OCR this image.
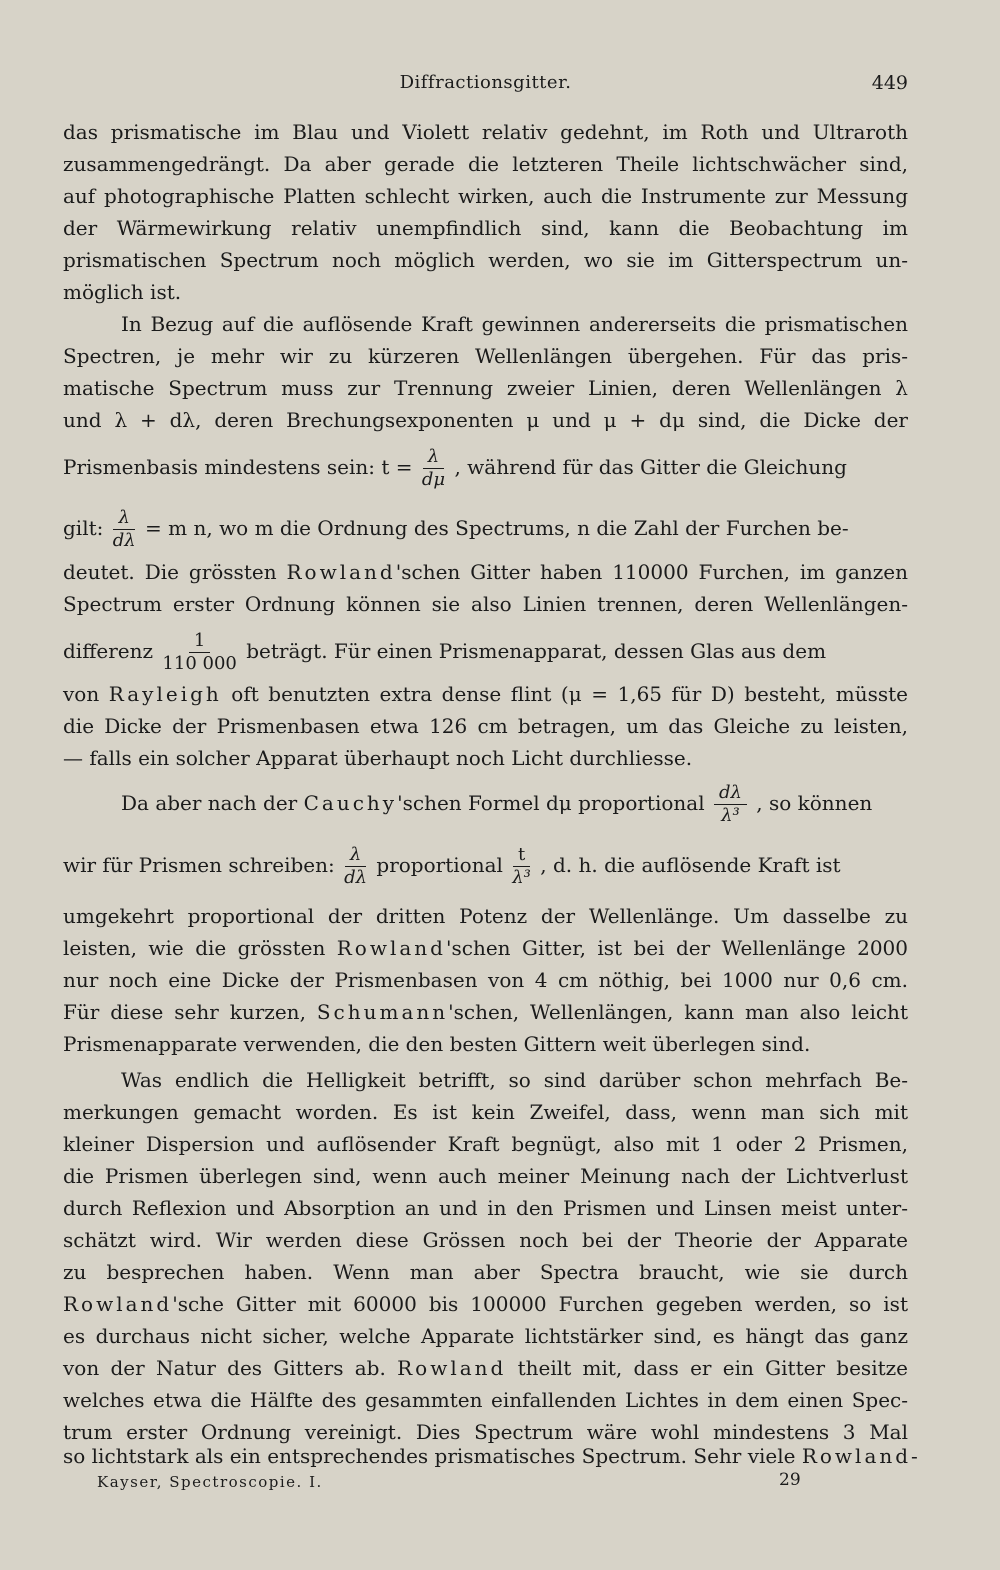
Diffractionsgitter.	449
das prismatische im Blau und Violett relativ gedehnt, im Roth und Ultraroth
zusammengedrängt. Da aber gerade die letzteren Theile lichtschwächer sind,
auf photographische Platten schlecht wirken, auch die Instrumente zur Messung
der Wärmewirkung relativ unempfindlich sind, kann die Beobachtung im
prismatischen Spectrum noch möglich werden, wo sie im Gitterspectrum un-
möglich ist.
In Bezug auf die auflösende Kraft gewinnen andererseits die prismatischen
Spectren, je mehr wir zu kürzeren Wellenlängen übergehen. Für das pris-
matische Spectrum muss zur Trennung zweier Linien, deren Wellenlängen λ
und λ + dλ, deren Brechungsexponenten μ und μ + dμ sind, die Dicke der
Prismenbasis mindestens sein: $t = \frac{\lambda}{d\mu}$ , während für das Gitter die Gleichung
gilt: $\frac{\lambda}{d\lambda} = m$ n, wo m die Ordnung des Spectrums, n die Zahl der Furchen be-
deutet. Die grössten Rowland'schen Gitter haben 110000 Furchen, im ganzen
Spectrum erster Ordnung können sie also Linien trennen, deren Wellenlängen-
differenz $\frac{1}{110 000}$ beträgt. Für einen Prismenapparat, dessen Glas aus dem
von Rayleigh oft benutzten extra dense flint (μ = 1,65 für D) besteht, müsste
die Dicke der Prismenbasen etwa 126 cm betragen, um das Gleiche zu leisten,
— falls ein solcher Apparat überhaupt noch Licht durchliesse.
Da aber nach der Cauchy'schen Formel dμ proportional $\frac{d\lambda}{\text{λ³}}$ , so können
wir für Prismen schreiben: $\frac{\lambda}{d\lambda}$ proportional $\frac{t}{\text{λ³}}$ , d. h. die auflösende Kraft ist
umgekehrt proportional der dritten Potenz der Wellenlänge. Um dasselbe zu
leisten, wie die grössten Rowland'schen Gitter, ist bei der Wellenlänge 2000
nur noch eine Dicke der Prismenbasen von 4 cm nöthig, bei 1000 nur 0,6 cm.
Für diese sehr kurzen, Schumann'schen, Wellenlängen, kann man also leicht
Prismenapparate verwenden, die den besten Gittern weit überlegen sind.
Was endlich die Helligkeit betrifft, so sind darüber schon mehrfach Be-
merkungen gemacht worden. Es ist kein Zweifel, dass, wenn man sich mit
kleiner Dispersion und auflösender Kraft begnügt, also mit 1 oder 2 Prismen,
die Prismen überlegen sind, wenn auch meiner Meinung nach der Lichtverlust
durch Reflexion und Absorption an und in den Prismen und Linsen meist unter-
schätzt wird. Wir werden diese Grössen noch bei der Theorie der Apparate
zu besprechen haben. Wenn man aber Spectra braucht, wie sie durch
Rowland'sche Gitter mit 60000 bis 100000 Furchen gegeben werden, so ist
es durchaus nicht sicher, welche Apparate lichtstärker sind, es hängt das ganz
von der Natur des Gitters ab. Rowland theilt mit, dass er ein Gitter besitze
welches etwa die Hälfte des gesammten einfallenden Lichtes in dem einen Spec-
trum erster Ordnung vereinigt. Dies Spectrum wäre wohl mindestens 3 Mal
so lichtstark als ein entsprechendes prismatisches Spectrum. Sehr viele Rowland-
Kayser, Spectroscopie. I.	29
